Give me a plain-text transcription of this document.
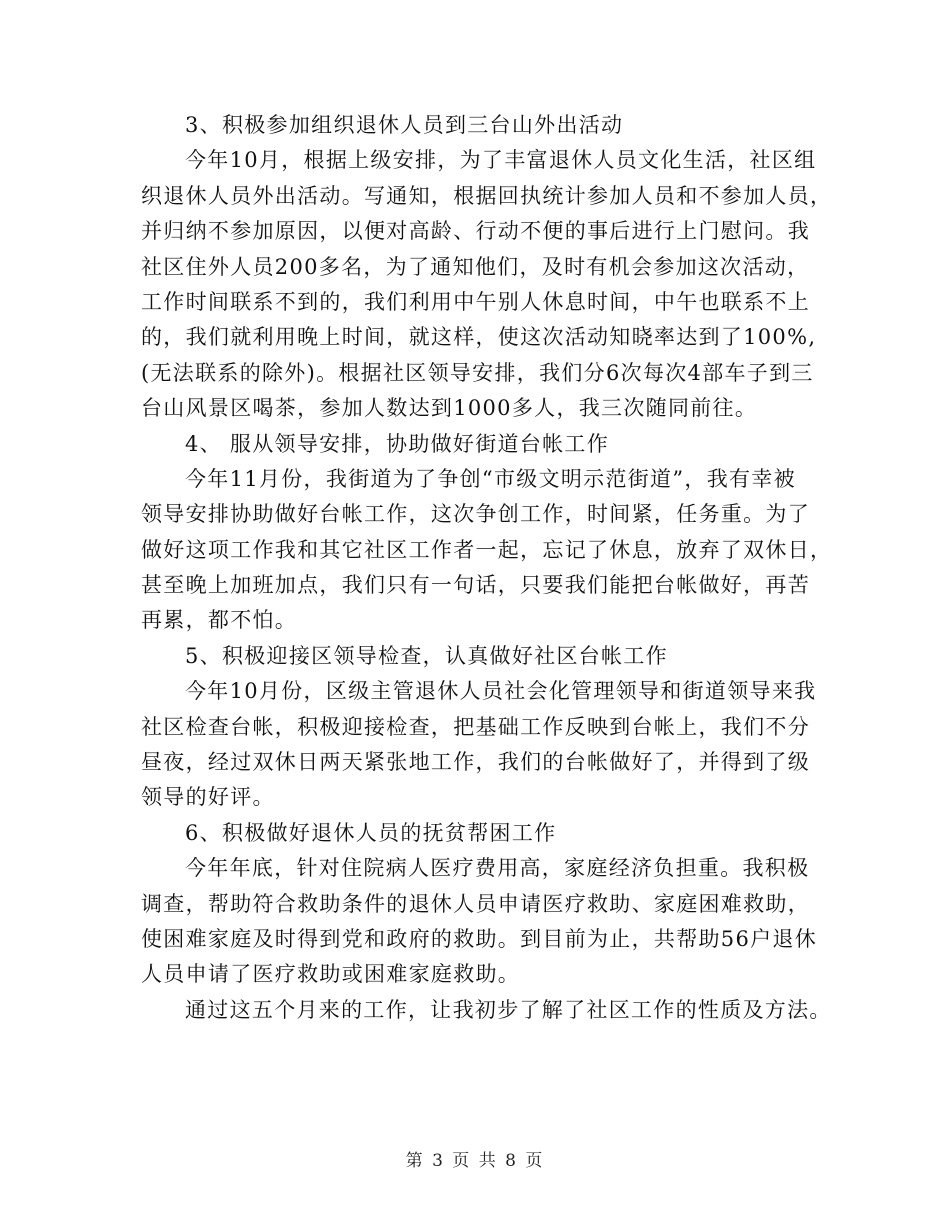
3、积极参加组织退休人员到三台山外出活动
今年10月，根据上级安排，为了丰富退休人员文化生活，社区组
织退休人员外出活动。写通知，根据回执统计参加人员和不参加人员，
并归纳不参加原因，以便对高龄、行动不便的事后进行上门慰问。我
社区住外人员200多名，为了通知他们，及时有机会参加这次活动，
工作时间联系不到的，我们利用中午别人休息时间，中午也联系不上
的，我们就利用晚上时间，就这样，使这次活动知晓率达到了100%,
(无法联系的除外)。根据社区领导安排，我们分6次每次4部车子到三
台山风景区喝茶，参加人数达到1000多人，我三次随同前往。
4、 服从领导安排，协助做好街道台帐工作
今年11月份，我街道为了争创“市级文明示范街道”，我有幸被
领导安排协助做好台帐工作，这次争创工作，时间紧，任务重。为了
做好这项工作我和其它社区工作者一起，忘记了休息，放弃了双休日，
甚至晚上加班加点，我们只有一句话，只要我们能把台帐做好，再苦
再累，都不怕。
5、积极迎接区领导检查，认真做好社区台帐工作
今年10月份，区级主管退休人员社会化管理领导和街道领导来我
社区检查台帐，积极迎接检查，把基础工作反映到台帐上，我们不分
昼夜，经过双休日两天紧张地工作，我们的台帐做好了，并得到了级
领导的好评。
6、积极做好退休人员的抚贫帮困工作
今年年底，针对住院病人医疗费用高，家庭经济负担重。我积极
调查，帮助符合救助条件的退休人员申请医疗救助、家庭困难救助，
使困难家庭及时得到党和政府的救助。到目前为止，共帮助56户退休
人员申请了医疗救助或困难家庭救助。
通过这五个月来的工作，让我初步了解了社区工作的性质及方法。
第 3 页 共 8 页
